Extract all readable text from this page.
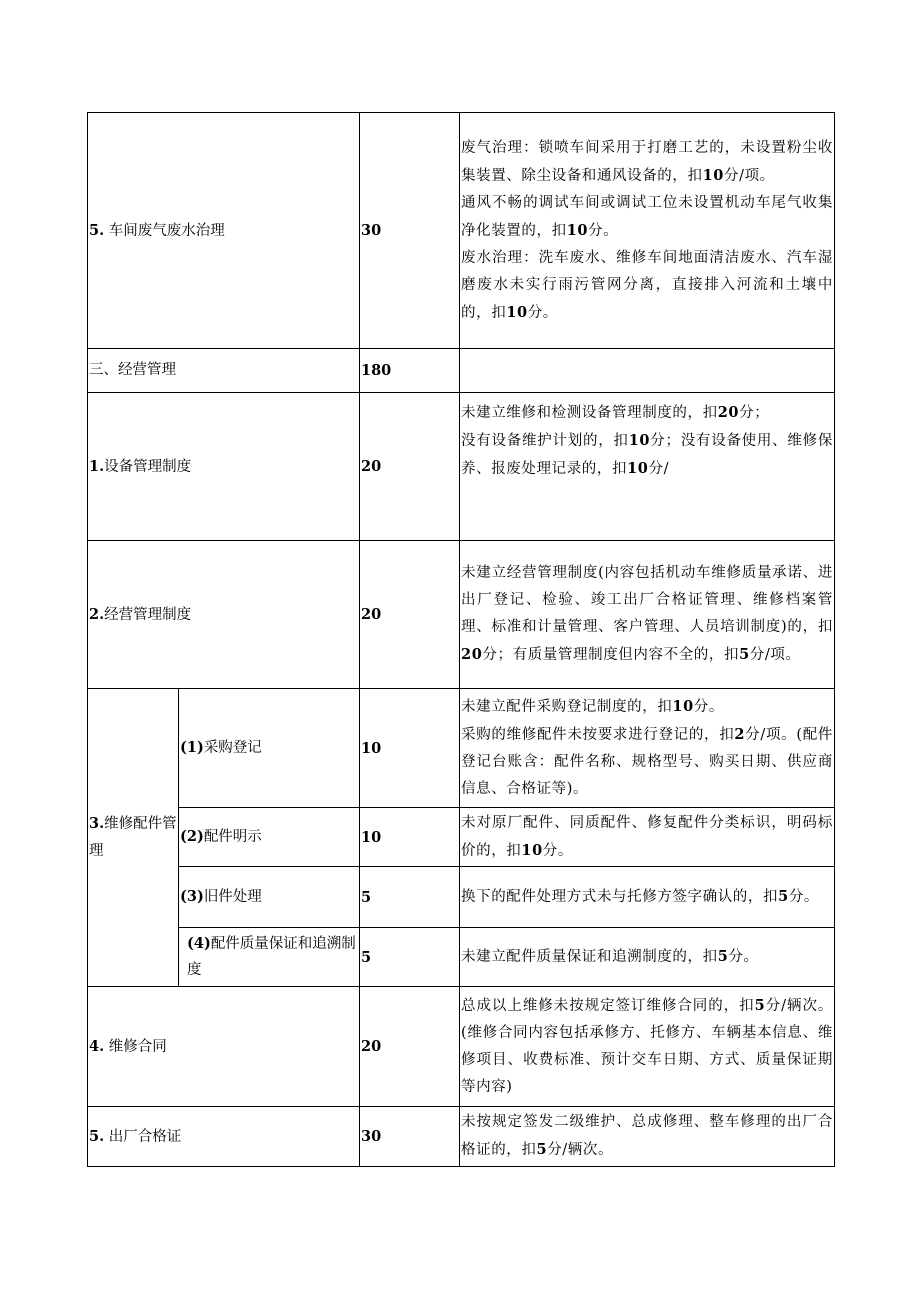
5. 车间废气废水治理		30	废气治理：锁喷车间采用于打磨工艺的，未设置粉尘收集装置、除尘设备和通风设备的，扣10分/项。

通风不畅的调试车间或调试工位未设置机动车尾气收集净化装置的，扣10分。

废水治理：洗车废水、维修车间地面清洁废水、汽车湿磨废水未实行雨污管网分离，直接排入河流和土壤中的，扣10分。

三、经营管理		180	
1.设备管理制度		20	未建立维修和检测设备管理制度的，扣20分；

没有设备维护计划的，扣10分；没有设备使用、维修保养、报废处理记录的，扣10分/

2.经营管理制度		20	未建立经营管理制度(内容包括机动车维修质量承诺、进出厂登记、检验、竣工出厂合格证管理、维修档案管理、标准和计量管理、客户管理、人员培训制度)的，扣20分；有质量管理制度但内容不全的，扣5分/项。

3.维修配件管理	(1)采购登记	10	未建立配件采购登记制度的，扣10分。

采购的维修配件未按要求进行登记的，扣2分/项。(配件登记台账含：配件名称、规格型号、购买日期、供应商信息、合格证等)。

	(2)配件明示	10	未对原厂配件、同质配件、修复配件分类标识，明码标价的，扣10分。

	(3)旧件处理	5	换下的配件处理方式未与托修方签字确认的，扣5分。

	(4)配件质量保证和追溯制度	5	未建立配件质量保证和追溯制度的，扣5分。

4. 维修合同		20	总成以上维修未按规定签订维修合同的，扣5分/辆次。(维修合同内容包括承修方、托修方、车辆基本信息、维修项目、收费标准、预计交车日期、方式、质量保证期等内容)

5. 出厂合格证		30	未按规定签发二级维护、总成修理、整车修理的出厂合格证的，扣5分/辆次。
